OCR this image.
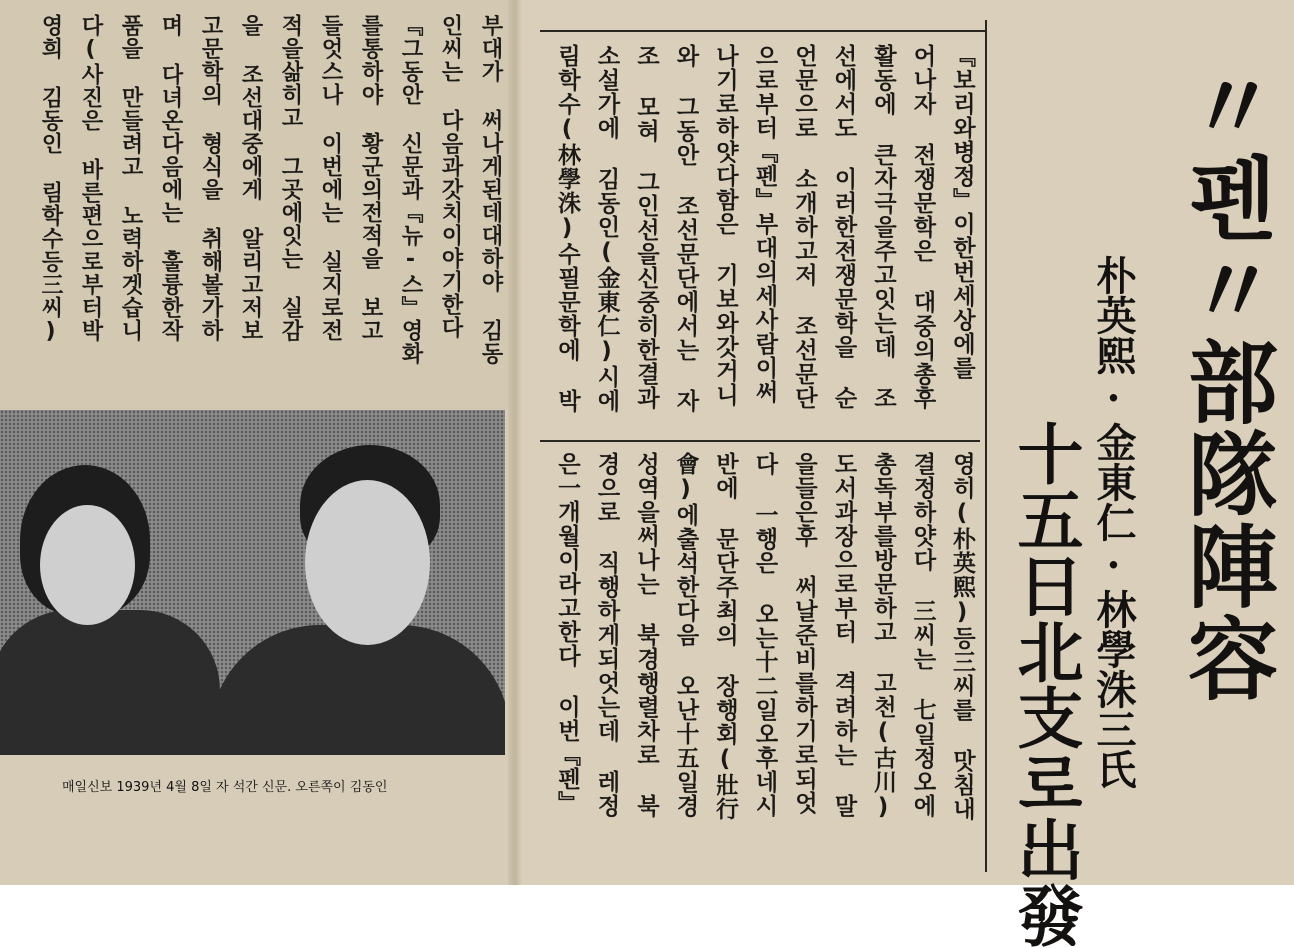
부대가 써나게된데대하야 김동
인씨는 다음과갓치이야기한다
『그동안 신문과『뉴-스』영화
를통하야 황군의전적을 보고
들엇스나 이번에는 실지로전
적을삶히고 그곳에잇는 실감
을 조선대중에게 알리고저보
고문학의 형식을 취해볼가하
며 다녀온다음에는 훌륭한작
품을 만들려고 노력하겟습니
다(사진은 바른편으로부터박
영희 김동인 림학수등三씨)	『보리와병정』이한번세상에를
어나자 전쟁문학은 대중의총후
활동에 큰자극을주고잇는데 조
선에서도 이러한전쟁문학을 순
언문으로 소개하고저 조선문단
으로부터『펜』부대의세사람이써
나기로하얏다함은 기보와갓거니
와 그동안 조선문단에서는 자
조 모혀 그인선을신중히한결과
소설가에 김동인(金東仁)시에
림학수(林學洙)수필문학에 박
영히(朴英熙)등三씨를 맛침내
결정하얏다 三씨는 七일정오에
총독부를방문하고 고천(古川)
도서과장으로부터 격려하는 말
을들은후 써날준비를하기로되엇
다 一행은 오는十二일오후네시
반에 문단주최의 장행회(壯行
會)에출석한다음 오난十五일경
성역을써나는 북경행렬차로 북
경으로 직행하게되엇는데 레정
은一개월이라고한다 이번『펜』	〃펜〃部隊陣容
朴英熙·金東仁·林學洙三氏
十五日北支로出發
매일신보 1939년 4월 8일 자 석간 신문. 오른쪽이 김동인
